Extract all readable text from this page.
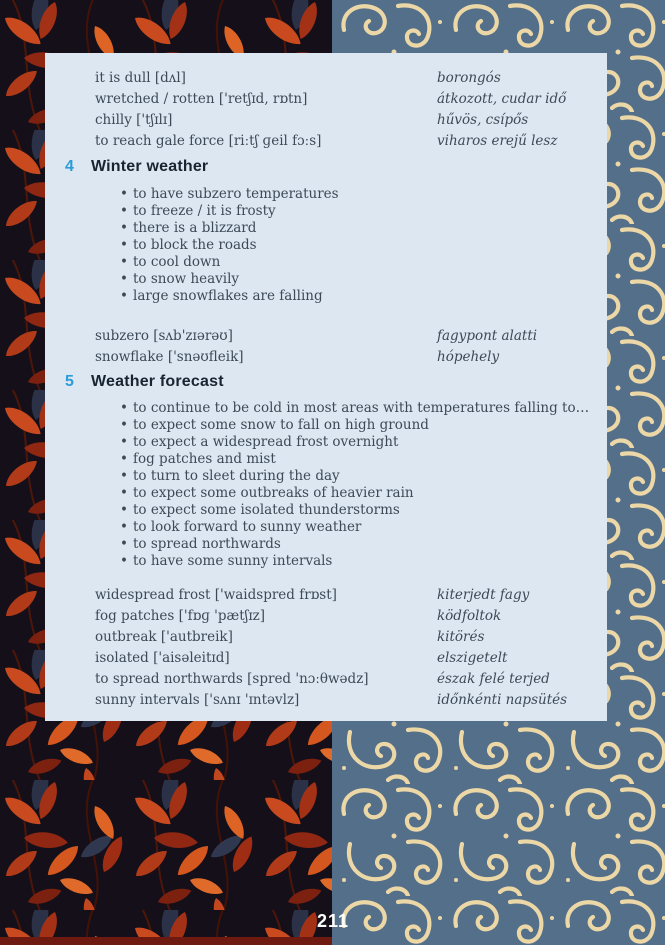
it is dull [dʌl]	borongós
wretched / rotten ['retʃɪd, rɒtn]	átkozott, cudar idő
chilly ['tʃɪlɪ]	hűvös, csípős
to reach gale force [riːtʃ ɡeil fɔːs]	viharos erejű lesz
4	Winter weather
• to have subzero temperatures
• to freeze / it is frosty
• there is a blizzard
• to block the roads
• to cool down
• to snow heavily
• large snowflakes are falling
subzero [sʌb'zɪərəʊ]	fagypont alatti
snowflake ['snəʊfleik]	hópehely
5	Weather forecast
• to continue to be cold in most areas with temperatures falling to…
• to expect some snow to fall on high ground
• to expect a widespread frost overnight
• fog patches and mist
• to turn to sleet during the day
• to expect some outbreaks of heavier rain
• to expect some isolated thunderstorms
• to look forward to sunny weather
• to spread northwards
• to have some sunny intervals
widespread frost ['waidspred frɒst]	kiterjedt fagy
fog patches ['fɒɡ 'pætʃɪz]	ködfoltok
outbreak ['autbreik]	kitörés
isolated ['aisəleitɪd]	elszigetelt
to spread northwards [spred 'nɔːθwədz]	észak felé terjed
sunny intervals ['sʌnɪ 'ɪntəvlz]	időnkénti napsütés
211
